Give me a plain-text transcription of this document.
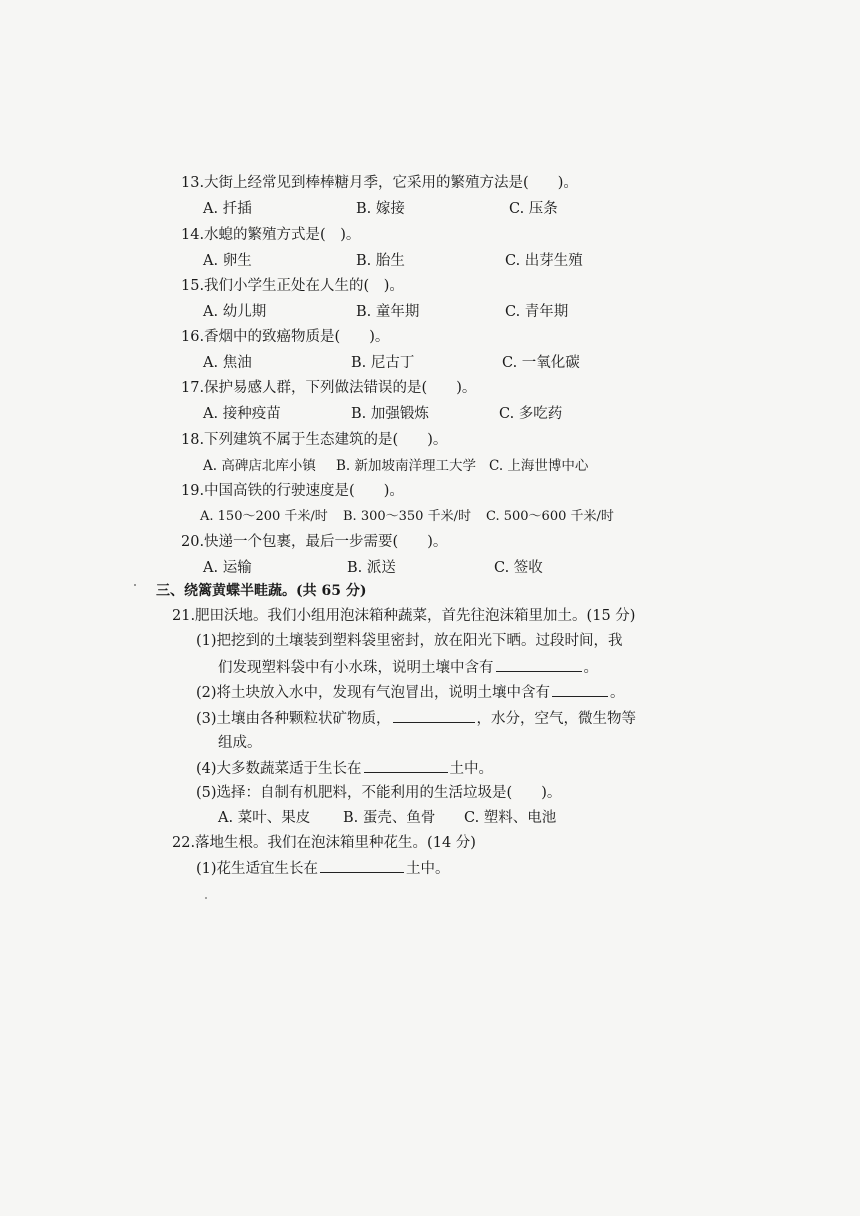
13.大街上经常见到棒棒糖月季，它采用的繁殖方法是(　　)。
A. 扦插	B. 嫁接	C. 压条
14.水螅的繁殖方式是(　)。
A. 卵生	B. 胎生	C. 出芽生殖
15.我们小学生正处在人生的(　)。
A. 幼儿期	B. 童年期	C. 青年期
16.香烟中的致癌物质是(　　)。
A. 焦油	B. 尼古丁	C. 一氧化碳
17.保护易感人群，下列做法错误的是(　　)。
A. 接种疫苗	B. 加强锻炼	C. 多吃药
18.下列建筑不属于生态建筑的是(　　)。
A. 高碑店北库小镇 B. 新加坡南洋理工大学 C. 上海世博中心
19.中国高铁的行驶速度是(　　)。
A. 150～200 千米/时 B. 300～350 千米/时 C. 500～600 千米/时
20.快递一个包裹，最后一步需要(　　)。
A. 运输	B. 派送	C. 签收
三、绕篱黄蝶半畦蔬。(共 65 分)
21.肥田沃地。我们小组用泡沫箱种蔬菜，首先往泡沫箱里加土。(15 分)
(1)把挖到的土壤装到塑料袋里密封，放在阳光下晒。过段时间，我
们发现塑料袋中有小水珠，说明土壤中含有	。
(2)将土块放入水中，发现有气泡冒出，说明土壤中含有	。
(3)土壤由各种颗粒状矿物质，	，水分，空气，微生物等
组成。
(4)大多数蔬菜适于生长在	土中。
(5)选择：自制有机肥料，不能利用的生活垃圾是(　　)。
A. 菜叶、果皮 B. 蛋壳、鱼骨 C. 塑料、电池
22.落地生根。我们在泡沫箱里种花生。(14 分)
(1)花生适宜生长在	土中。
